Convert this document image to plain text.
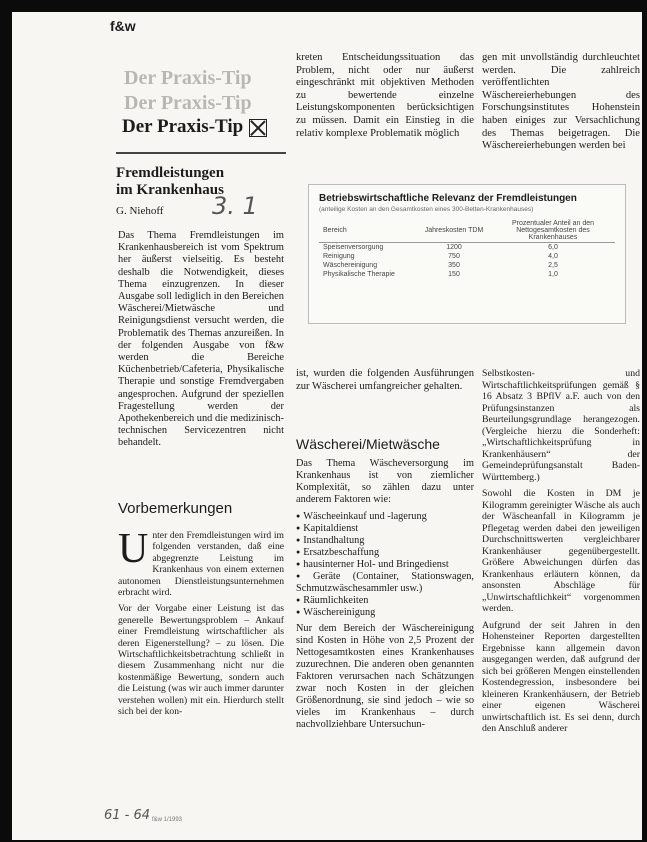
f&w
Der Praxis-Tip
Der Praxis-Tip
Der Praxis-Tip
Fremdleistungen
im Krankenhaus
G. Niehoff 3. 1

Das Thema Fremdleistungen im Krankenhausbereich ist vom Spektrum her äußerst vielseitig. Es besteht deshalb die Notwendigkeit, dieses Thema einzugrenzen. In dieser Ausgabe soll lediglich in den Bereichen Wäscherei/Mietwäsche und Reinigungsdienst versucht werden, die Problematik des Themas anzureißen. In der folgenden Ausgabe von f&w werden die Bereiche Küchenbetrieb/Cafeteria, Physikalische Therapie und sonstige Fremdvergaben angesprochen. Aufgrund der speziellen Fragestellung werden der Apothekenbereich und die medizinisch-technischen Servicezentren nicht behandelt.

Vorbemerkungen
U nter den Fremdleistungen wird im folgenden verstanden, daß eine abgegrenzte Leistung im Krankenhaus von einem externen autonomen Dienstleistungsunternehmen erbracht wird.

Vor der Vorgabe einer Leistung ist das generelle Bewertungsproblem – Ankauf einer Fremdleistung wirtschaftlicher als deren Eigenerstellung? – zu lösen. Die Wirtschaftlichkeitsbetrachtung schließt in diesem Zusammenhang nicht nur die kostenmäßige Bewertung, sondern auch die Leistung (was wir auch immer darunter verstehen wollen) mit ein. Hierdurch stellt sich bei der kon-

kreten Entscheidungssituation das Problem, nicht oder nur äußerst eingeschränkt mit objektiven Methoden zu bewertende einzelne Leistungskomponenten berücksichtigen zu müssen. Damit ein Einstieg in die relativ komplexe Problematik möglich

gen mit unvollständig durchleuchtet werden. Die zahlreich veröffentlichten Wäschereierhebungen des Forschungsinstitutes Hohenstein haben einiges zur Versachlichung des Themas beigetragen. Die Wäschereierhebungen werden bei

Betriebswirtschaftliche Relevanz der Fremdleistungen
(anteilige Kosten an den Gesamtkosten eines 300-Betten-Krankenhauses)
Bereich	Jahreskosten TDM	Prozentualer Anteil an den Nettogesamtkosten des Krankenhauses
Speisenversorgung	1200	6,0
Reinigung	750	4,0
Wäschereinigung	350	2,5
Physikalische Therapie	150	1,0

ist, wurden die folgenden Ausführungen zur Wäscherei umfangreicher gehalten.

Wäscherei/Mietwäsche

Das Thema Wäscheversorgung im Krankenhaus ist von ziemlicher Komplexität, so zählen dazu unter anderem Faktoren wie:

● Wäscheeinkauf und -lagerung
● Kapitaldienst
● Instandhaltung
● Ersatzbeschaffung
● hausinterner Hol- und Bringedienst
● Geräte (Container, Stationswagen, Schmutzwäschesammler usw.)
● Räumlichkeiten
● Wäschereinigung

Nur dem Bereich der Wäschereinigung sind Kosten in Höhe von 2,5 Prozent der Nettogesamtkosten eines Krankenhauses zuzurechnen. Die anderen oben genannten Faktoren verursachen nach Schätzungen zwar noch Kosten in der gleichen Größenordnung, sie sind jedoch – wie so vieles im Krankenhaus – durch nachvollziehbare Untersuchun-

Selbstkosten- und Wirtschaftlichkeitsprüfungen gemäß § 16 Absatz 3 BPflV a.F. auch von den Prüfungsinstanzen als Beurteilungsgrundlage herangezogen. (Vergleiche hierzu die Sonderheft: „Wirtschaftlichkeitsprüfung in Krankenhäusern“ der Gemeindeprüfungsanstalt Baden-Württemberg.)

Sowohl die Kosten in DM je Kilogramm gereinigter Wäsche als auch der Wäscheanfall in Kilogramm je Pflegetag werden dabei den jeweiligen Durchschnittswerten vergleichbarer Krankenhäuser gegenübergestellt. Größere Abweichungen dürfen das Krankenhaus erläutern können, da ansonsten Abschläge für „Unwirtschaftlichkeit“ vorgenommen werden.

Aufgrund der seit Jahren in den Hohensteiner Reporten dargestellten Ergebnisse kann allgemein davon ausgegangen werden, daß aufgrund der sich bei größeren Mengen einstellenden Kostendegression, insbesondere bei kleineren Krankenhäusern, der Betrieb einer eigenen Wäscherei unwirtschaftlich ist. Es sei denn, durch den Anschluß anderer

61 - 64 f&w 1/1993
